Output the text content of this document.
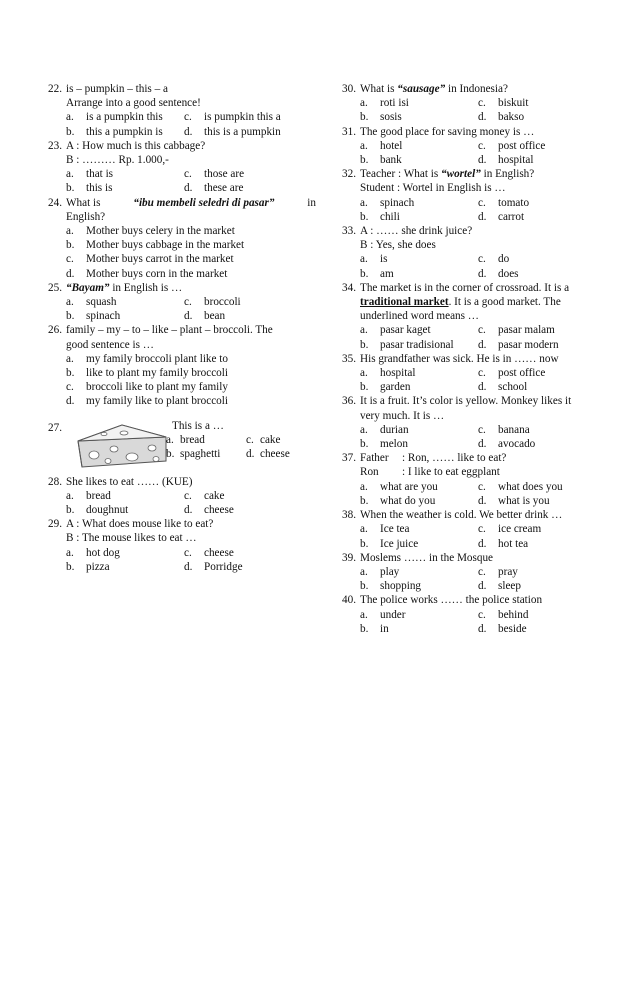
22. is – pumpkin – this – a
Arrange into a good sentence!
a.	is a pumpkin this c.	is pumpkin this a
b.	this a pumpkin is d.	this is a pumpkin
23. A : How much is this cabbage?
B : ……… Rp. 1.000,-
a.	that is	c.	those are
b.	this is	d.	these are
24. What is	“ibu membeli seledri di pasar”	in
English?
a.	Mother buys celery in the market
b.	Mother buys cabbage in the market
c.	Mother buys carrot in the market
d.	Mother buys corn in the market
25. “Bayam” in English is …
a.	squash	c.	broccoli
b.	spinach	d.	bean
26. family – my – to – like – plant – broccoli. The
good sentence is …
a.	my family broccoli plant like to
b.	like to plant my family broccoli
c.	broccoli like to plant my family
d.	my family like to plant broccoli
27.	This is a …
a. bread	c. cake
b. spaghetti d. cheese
28. She likes to eat …… (KUE)
a.	bread	c.	cake
b.	doughnut	d.	cheese
29. A : What does mouse like to eat?
B : The mouse likes to eat …
a.	hot dog	c.	cheese
b.	pizza	d.	Porridge
30. What is “sausage” in Indonesia?
a.	roti isi	c.	biskuit
b.	sosis	d.	bakso
31. The good place for saving money is …
a.	hotel	c.	post office
b.	bank	d.	hospital
32. Teacher : What is “wortel” in English?
Student : Wortel in English is …
a.	spinach	c.	tomato
b.	chili	d.	carrot
33. A : …… she drink juice?
B : Yes, she does
a.	is	c.	do
b.	am	d.	does
34. The market is in the corner of crossroad. It is a
traditional market. It is a good market. The
underlined word means …
a.	pasar kaget	c.	pasar malam
b.	pasar tradisional d.	pasar modern
35. His grandfather was sick. He is in …… now
a.	hospital	c.	post office
b.	garden	d.	school
36. It is a fruit. It’s color is yellow. Monkey likes it
very much. It is …
a.	durian	c.	banana
b.	melon	d.	avocado
37. Father	: Ron, …… like to eat?
Ron	: I like to eat eggplant
a.	what are you	c.	what does you
b.	what do you	d.	what is you
38. When the weather is cold. We better drink …
a.	Ice tea	c.	ice cream
b.	Ice juice	d.	hot tea
39. Moslems …… in the Mosque
a.	play	c.	pray
b.	shopping	d.	sleep
40. The police works …… the police station
a.	under	c.	behind
b.	in	d.	beside
